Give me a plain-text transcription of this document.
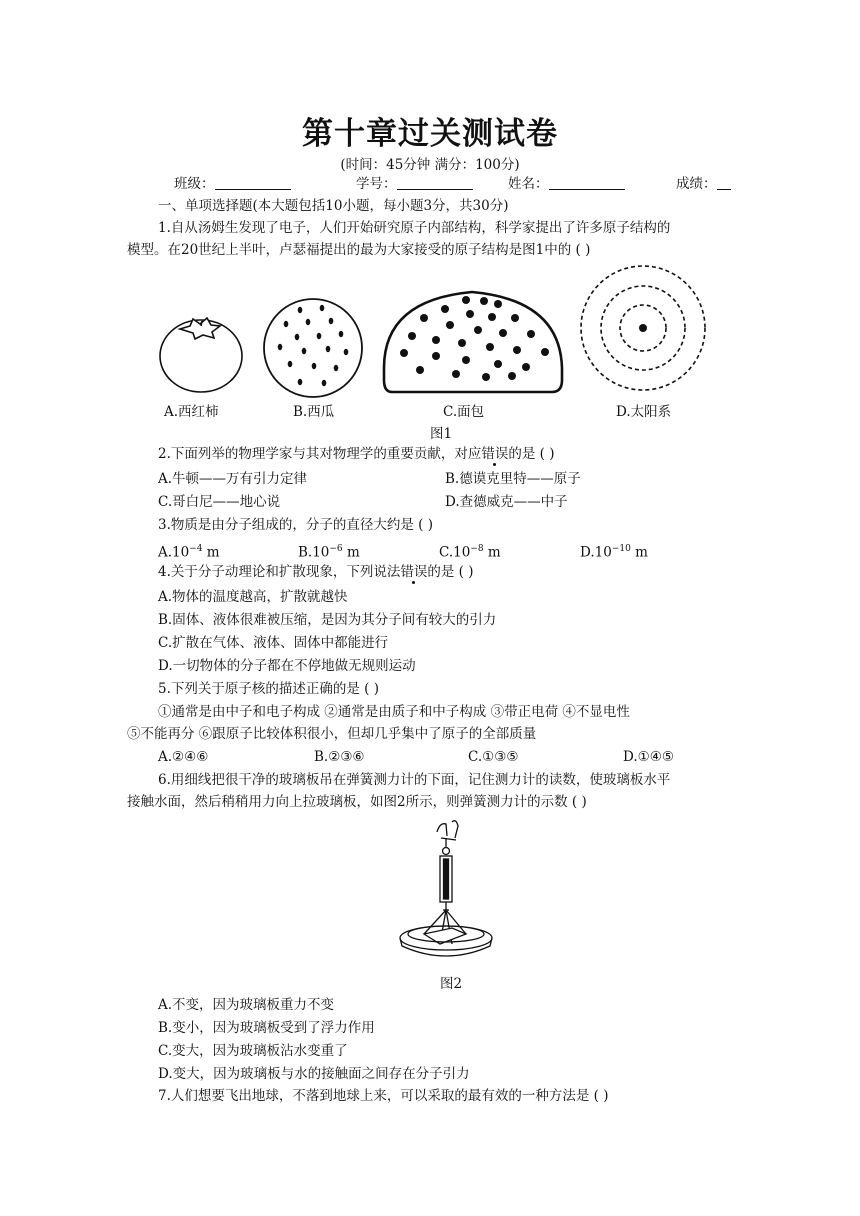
第十章过关测试卷
(时间：45分钟 满分：100分)
班级：	学号：	姓名：	成绩：
一、单项选择题(本大题包括10小题，每小题3分，共30分)
1.自从汤姆生发现了电子，人们开始研究原子内部结构，科学家提出了许多原子结构的
模型。在20世纪上半叶，卢瑟福提出的最为大家接受的原子结构是图1中的 ( )
A.西红柿	B.西瓜	C.面包	D.太阳系
图1
2.下面列举的物理学家与其对物理学的重要贡献，对应错误的是 ( )
A.牛顿——万有引力定律	B.德谟克里特——原子
C.哥白尼——地心说	D.查德威克——中子
3.物质是由分子组成的，分子的直径大约是 ( )
$A.10^{-4}$ m	$B.10^{-6}$ m	$C.10^{-8}$ m	$D.10^{-10}$ m
4.关于分子动理论和扩散现象，下列说法错误的是 ( )
A.物体的温度越高，扩散就越快
B.固体、液体很难被压缩，是因为其分子间有较大的引力
C.扩散在气体、液体、固体中都能进行
D.一切物体的分子都在不停地做无规则运动
5.下列关于原子核的描述正确的是 ( )
①通常是由中子和电子构成 ②通常是由质子和中子构成 ③带正电荷 ④不显电性
⑤不能再分 ⑥跟原子比较体积很小，但却几乎集中了原子的全部质量
A.②④⑥	B.②③⑥	C.①③⑤	D.①④⑤
6.用细线把很干净的玻璃板吊在弹簧测力计的下面，记住测力计的读数，使玻璃板水平
接触水面，然后稍稍用力向上拉玻璃板，如图2所示，则弹簧测力计的示数 ( )
图2
A.不变，因为玻璃板重力不变
B.变小，因为玻璃板受到了浮力作用
C.变大，因为玻璃板沾水变重了
D.变大，因为玻璃板与水的接触面之间存在分子引力
7.人们想要飞出地球，不落到地球上来，可以采取的最有效的一种方法是 ( )
